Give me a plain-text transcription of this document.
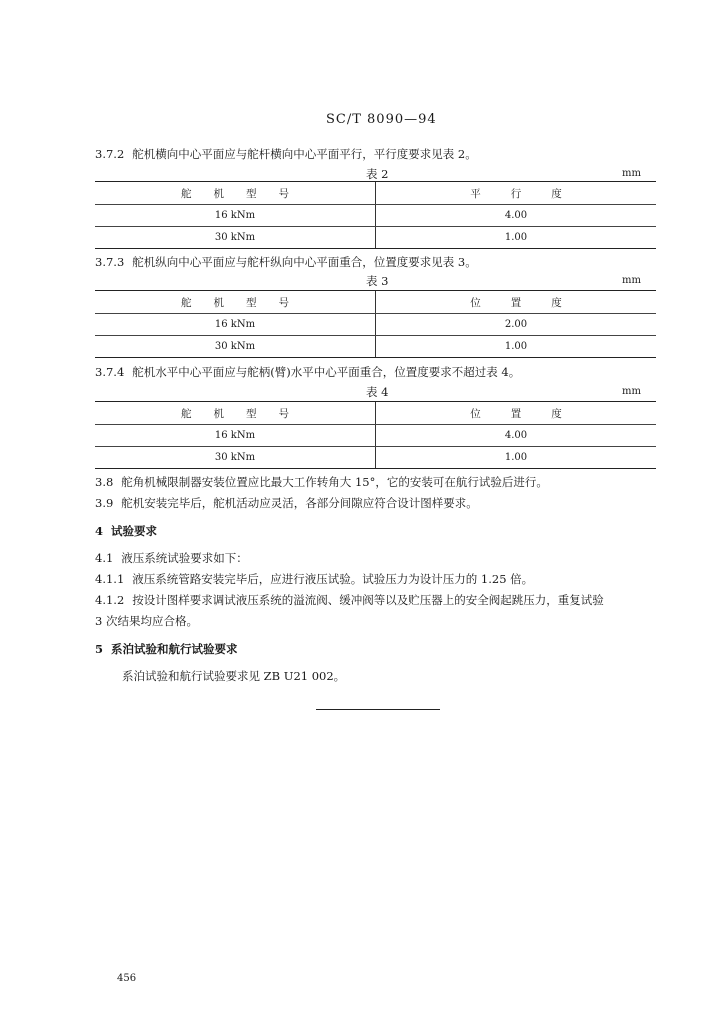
SC/T 8090—94
3.7.2 舵机横向中心平面应与舵杆横向中心平面平行，平行度要求见表 2。
表 2	mm
舵机型号	平行度
16 kNm	4.00
30 kNm	1.00
3.7.3 舵机纵向中心平面应与舵杆纵向中心平面重合，位置度要求见表 3。
表 3	mm
舵机型号	位置度
16 kNm	2.00
30 kNm	1.00
3.7.4 舵机水平中心平面应与舵柄(臂)水平中心平面重合，位置度要求不超过表 4。
表 4	mm
舵机型号	位置度
16 kNm	4.00
30 kNm	1.00
3.8 舵角机械限制器安装位置应比最大工作转角大 15°，它的安装可在航行试验后进行。
3.9 舵机安装完毕后，舵机活动应灵活，各部分间隙应符合设计图样要求。
4 试验要求
4.1 液压系统试验要求如下：
4.1.1 液压系统管路安装完毕后，应进行液压试验。试验压力为设计压力的 1.25 倍。
4.1.2 按设计图样要求调试液压系统的溢流阀、缓冲阀等以及贮压器上的安全阀起跳压力，重复试验
3 次结果均应合格。
5 系泊试验和航行试验要求
系泊试验和航行试验要求见 ZB U21 002。
456
